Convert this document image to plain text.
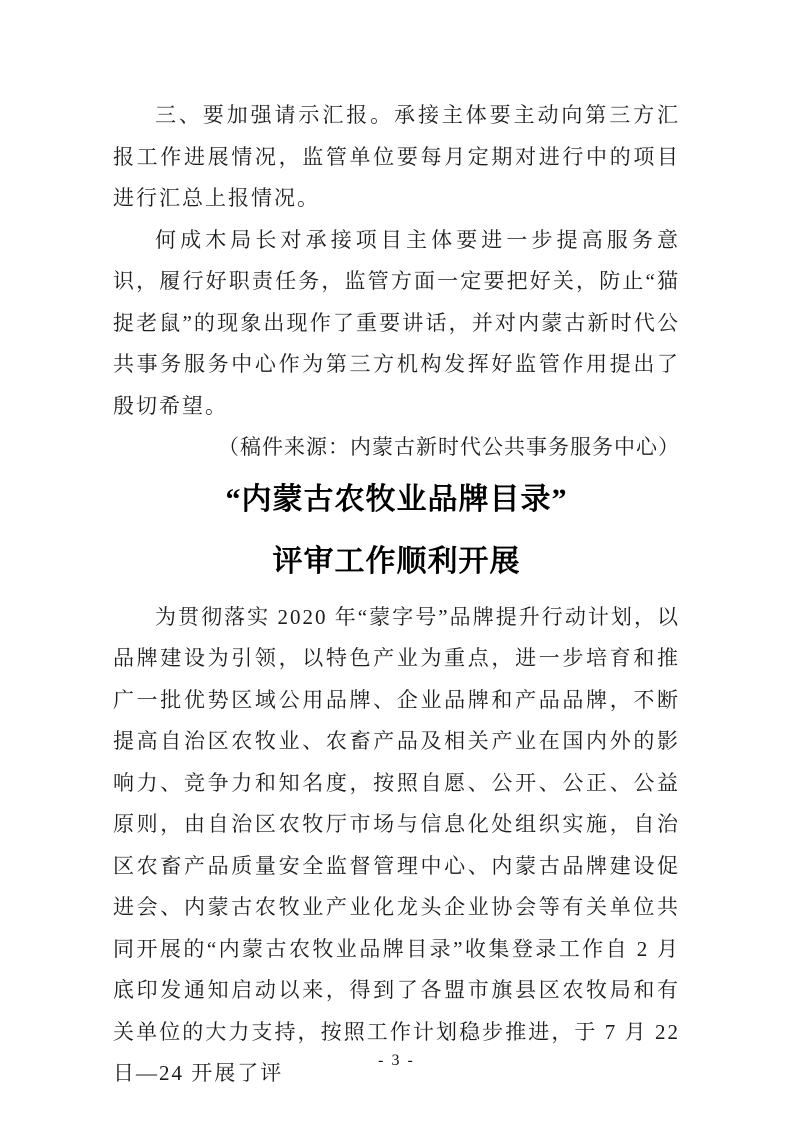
三、要加强请示汇报。承接主体要主动向第三方汇报工作进展情况，监管单位要每月定期对进行中的项目进行汇总上报情况。

何成木局长对承接项目主体要进一步提高服务意识，履行好职责任务，监管方面一定要把好关，防止“猫捉老鼠”的现象出现作了重要讲话，并对内蒙古新时代公共事务服务中心作为第三方机构发挥好监管作用提出了殷切希望。

（稿件来源：内蒙古新时代公共事务服务中心）

“内蒙古农牧业品牌目录”
评审工作顺利开展

为贯彻落实 2020 年“蒙字号”品牌提升行动计划，以品牌建设为引领，以特色产业为重点，进一步培育和推广一批优势区域公用品牌、企业品牌和产品品牌，不断提高自治区农牧业、农畜产品及相关产业在国内外的影响力、竞争力和知名度，按照自愿、公开、公正、公益原则，由自治区农牧厅市场与信息化处组织实施，自治区农畜产品质量安全监督管理中心、内蒙古品牌建设促进会、内蒙古农牧业产业化龙头企业协会等有关单位共同开展的“内蒙古农牧业品牌目录”收集登录工作自 2 月底印发通知启动以来，得到了各盟市旗县区农牧局和有关单位的大力支持，按照工作计划稳步推进，于 7 月 22 日—24 开展了评

- 3 -
